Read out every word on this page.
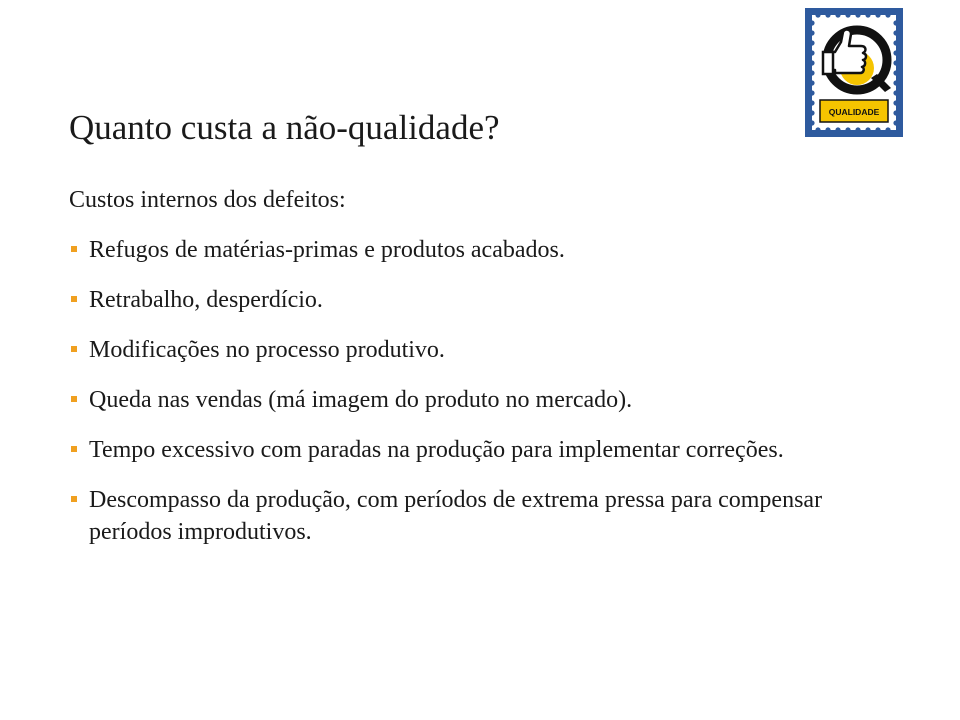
QUALIDADE
Quanto custa a não-qualidade?

Custos internos dos defeitos:

Refugos de matérias-primas e produtos acabados.
Retrabalho, desperdício.
Modificações no processo produtivo.
Queda nas vendas (má imagem do produto no mercado).
Tempo excessivo com paradas na produção para implementar correções.
Descompasso da produção, com períodos de extrema pressa para compensar períodos improdutivos.
